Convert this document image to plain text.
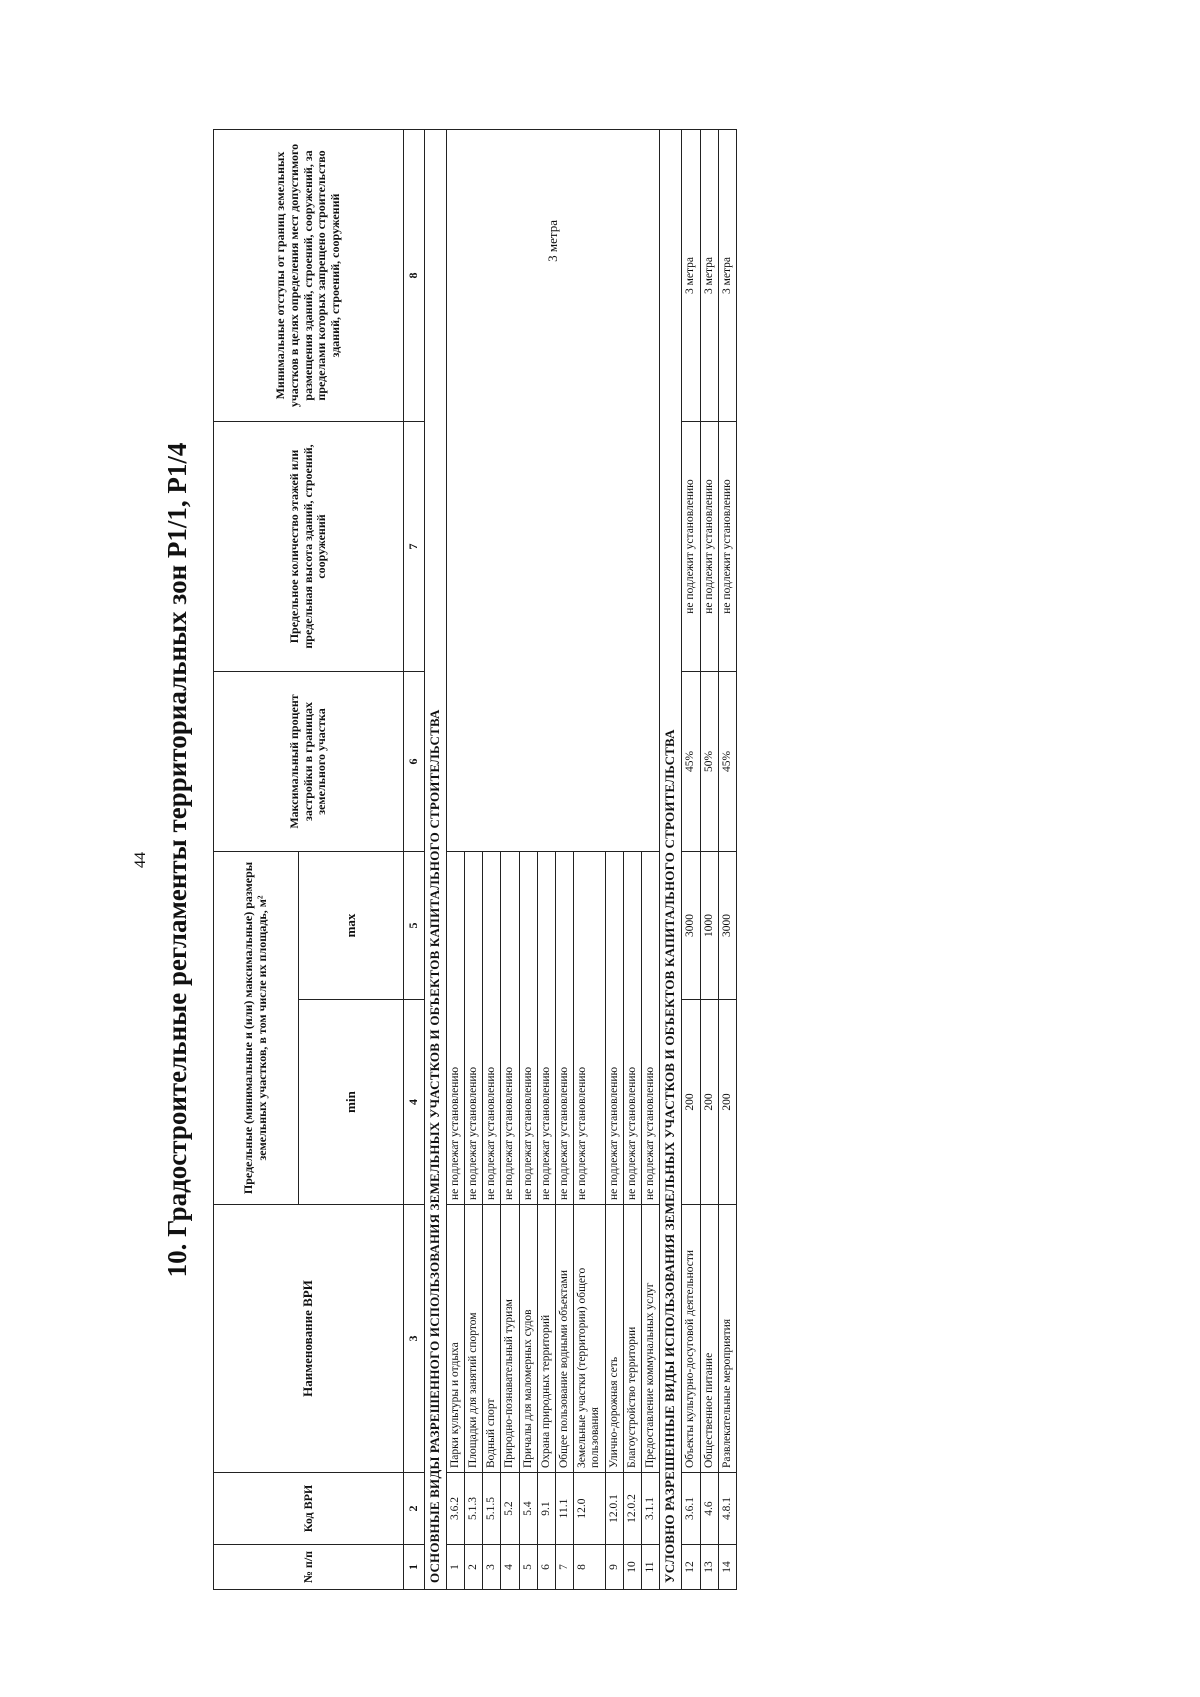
44 10. Градостроительные регламенты территориальных зон Р1/1, Р1/4
№ п/п	Код ВРИ	Наименование ВРИ	Предельные (минимальные и (или) максимальные) размеры земельных участков, в том числе их площадь, м²		Максимальный процент застройки в границах земельного участка	Предельное количество этажей или предельная высота зданий, строений, сооружений	Минимальные отступы от границ земельных участков в целях определения мест допустимого размещения зданий, строений, сооружений, за пределами которых запрещено строительство зданий, строений, сооружений
			min	max			
1	2	3	4	5	6	7	8
ОСНОВНЫЕ ВИДЫ РАЗРЕШЕННОГО ИСПОЛЬЗОВАНИЯ ЗЕМЕЛЬНЫХ УЧАСТКОВ И ОБЪЕКТОВ КАПИТАЛЬНОГО СТРОИТЕЛЬСТВА							
1	3.6.2	Парки культуры и отдыха	не подлежат установлению		3 метра		
2	5.1.3	Площадки для занятий спортом	не подлежат установлению				
3	5.1.5	Водный спорт	не подлежат установлению				
4	5.2	Природно-познавательный туризм	не подлежат установлению				
5	5.4	Причалы для маломерных судов	не подлежат установлению				
6	9.1	Охрана природных территорий	не подлежат установлению				
7	11.1	Общее пользование водными объектами	не подлежат установлению				
8	12.0	Земельные участки (территории) общего пользования	не подлежат установлению				
9	12.0.1	Улично-дорожная сеть	не подлежат установлению				
10	12.0.2	Благоустройство территории	не подлежат установлению				
11	3.1.1	Предоставление коммунальных услуг	не подлежат установлению				
УСЛОВНО РАЗРЕШЕННЫЕ ВИДЫ ИСПОЛЬЗОВАНИЯ ЗЕМЕЛЬНЫХ УЧАСТКОВ И ОБЪЕКТОВ КАПИТАЛЬНОГО СТРОИТЕЛЬСТВА							
12	3.6.1	Объекты культурно-досуговой деятельности	200	3000	45%	не подлежит установлению	3 метра
13	4.6	Общественное питание	200	1000	50%	не подлежит установлению	3 метра
14	4.8.1	Развлекательные мероприятия	200	3000	45%	не подлежит установлению	3 метра
